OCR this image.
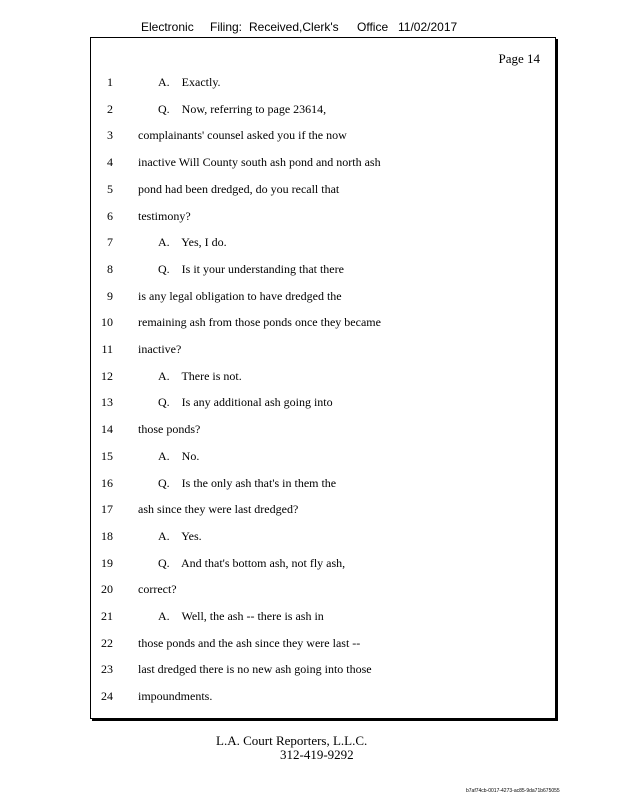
Electronic Filing: Received,Clerk's Office 11/02/2017
Page 14
1	A.    Exactly.
2	Q.    Now, referring to page 23614,
3 complainants' counsel asked you if the now
4 inactive Will County south ash pond and north ash
5 pond had been dredged, do you recall that
6 testimony?
7	A.    Yes, I do.
8	Q.    Is it your understanding that there
9 is any legal obligation to have dredged the
10 remaining ash from those ponds once they became
11 inactive?
12	A.    There is not.
13	Q.    Is any additional ash going into
14 those ponds?
15	A.    No.
16	Q.    Is the only ash that's in them the
17 ash since they were last dredged?
18	A.    Yes.
19	Q.    And that's bottom ash, not fly ash,
20 correct?
21	A.    Well, the ash -- there is ash in
22 those ponds and the ash since they were last --
23 last dredged there is no new ash going into those
24 impoundments.
L.A. Court Reporters, L.L.C.
312-419-9292
b7af74cb-0017-4273-ac85-9da71b675055
